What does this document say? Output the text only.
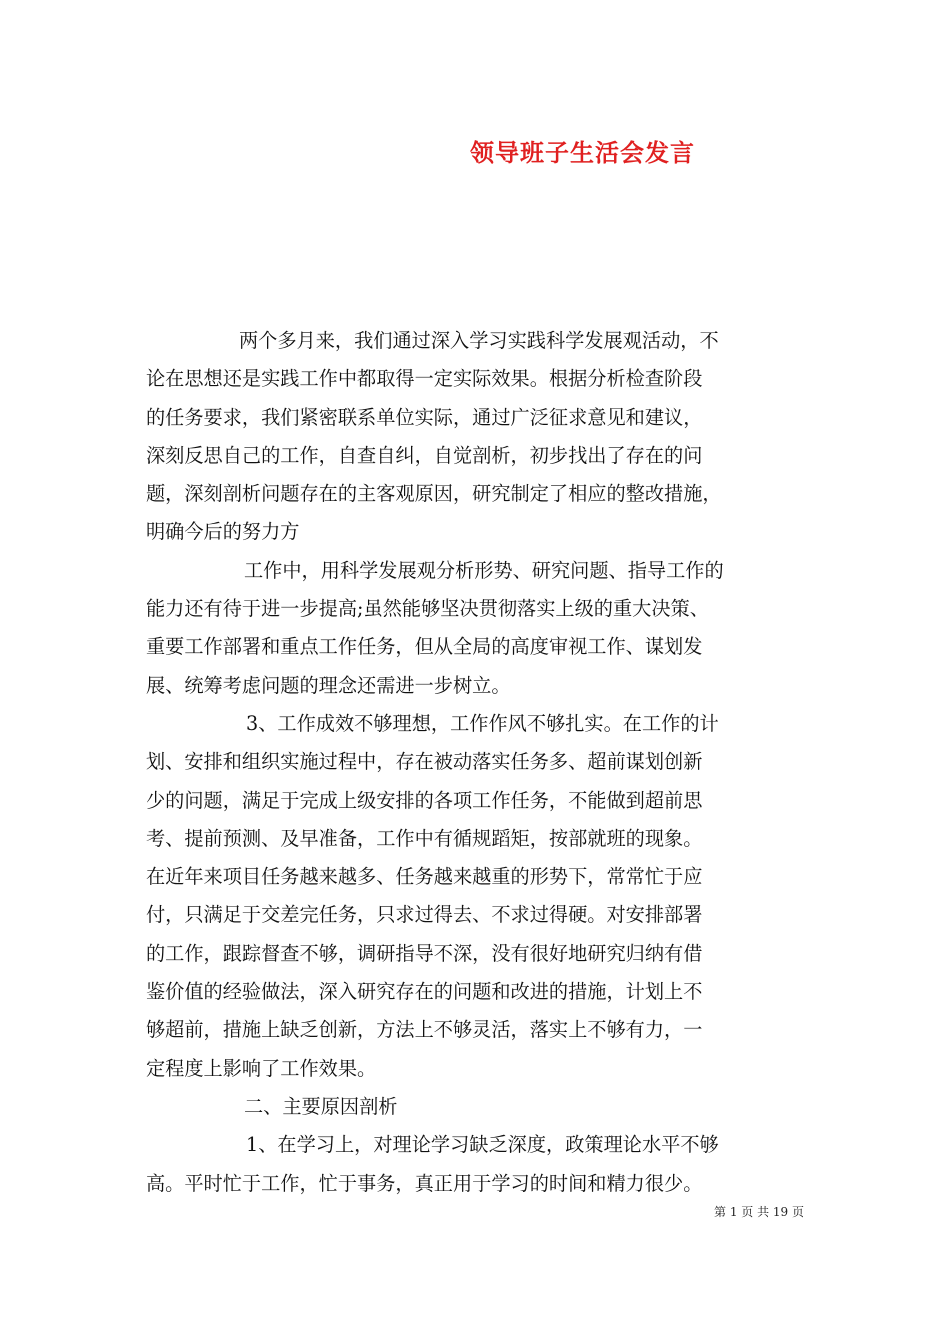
领导班子生活会发言
两个多月来，我们通过深入学习实践科学发展观活动，不
论在思想还是实践工作中都取得一定实际效果。根据分析检查阶段
的任务要求，我们紧密联系单位实际，通过广泛征求意见和建议，
深刻反思自己的工作，自查自纠，自觉剖析，初步找出了存在的问
题，深刻剖析问题存在的主客观原因，研究制定了相应的整改措施，
明确今后的努力方
工作中，用科学发展观分析形势、研究问题、指导工作的
能力还有待于进一步提高;虽然能够坚决贯彻落实上级的重大决策、
重要工作部署和重点工作任务，但从全局的高度审视工作、谋划发
展、统筹考虑问题的理念还需进一步树立。
3、工作成效不够理想，工作作风不够扎实。在工作的计
划、安排和组织实施过程中，存在被动落实任务多、超前谋划创新
少的问题，满足于完成上级安排的各项工作任务，不能做到超前思
考、提前预测、及早准备，工作中有循规蹈矩，按部就班的现象。
在近年来项目任务越来越多、任务越来越重的形势下，常常忙于应
付，只满足于交差完任务，只求过得去、不求过得硬。对安排部署
的工作，跟踪督查不够，调研指导不深，没有很好地研究归纳有借
鉴价值的经验做法，深入研究存在的问题和改进的措施，计划上不
够超前，措施上缺乏创新，方法上不够灵活，落实上不够有力，一
定程度上影响了工作效果。
二、主要原因剖析
1、在学习上，对理论学习缺乏深度，政策理论水平不够
高。平时忙于工作，忙于事务，真正用于学习的时间和精力很少。
第 1 页 共 19 页
